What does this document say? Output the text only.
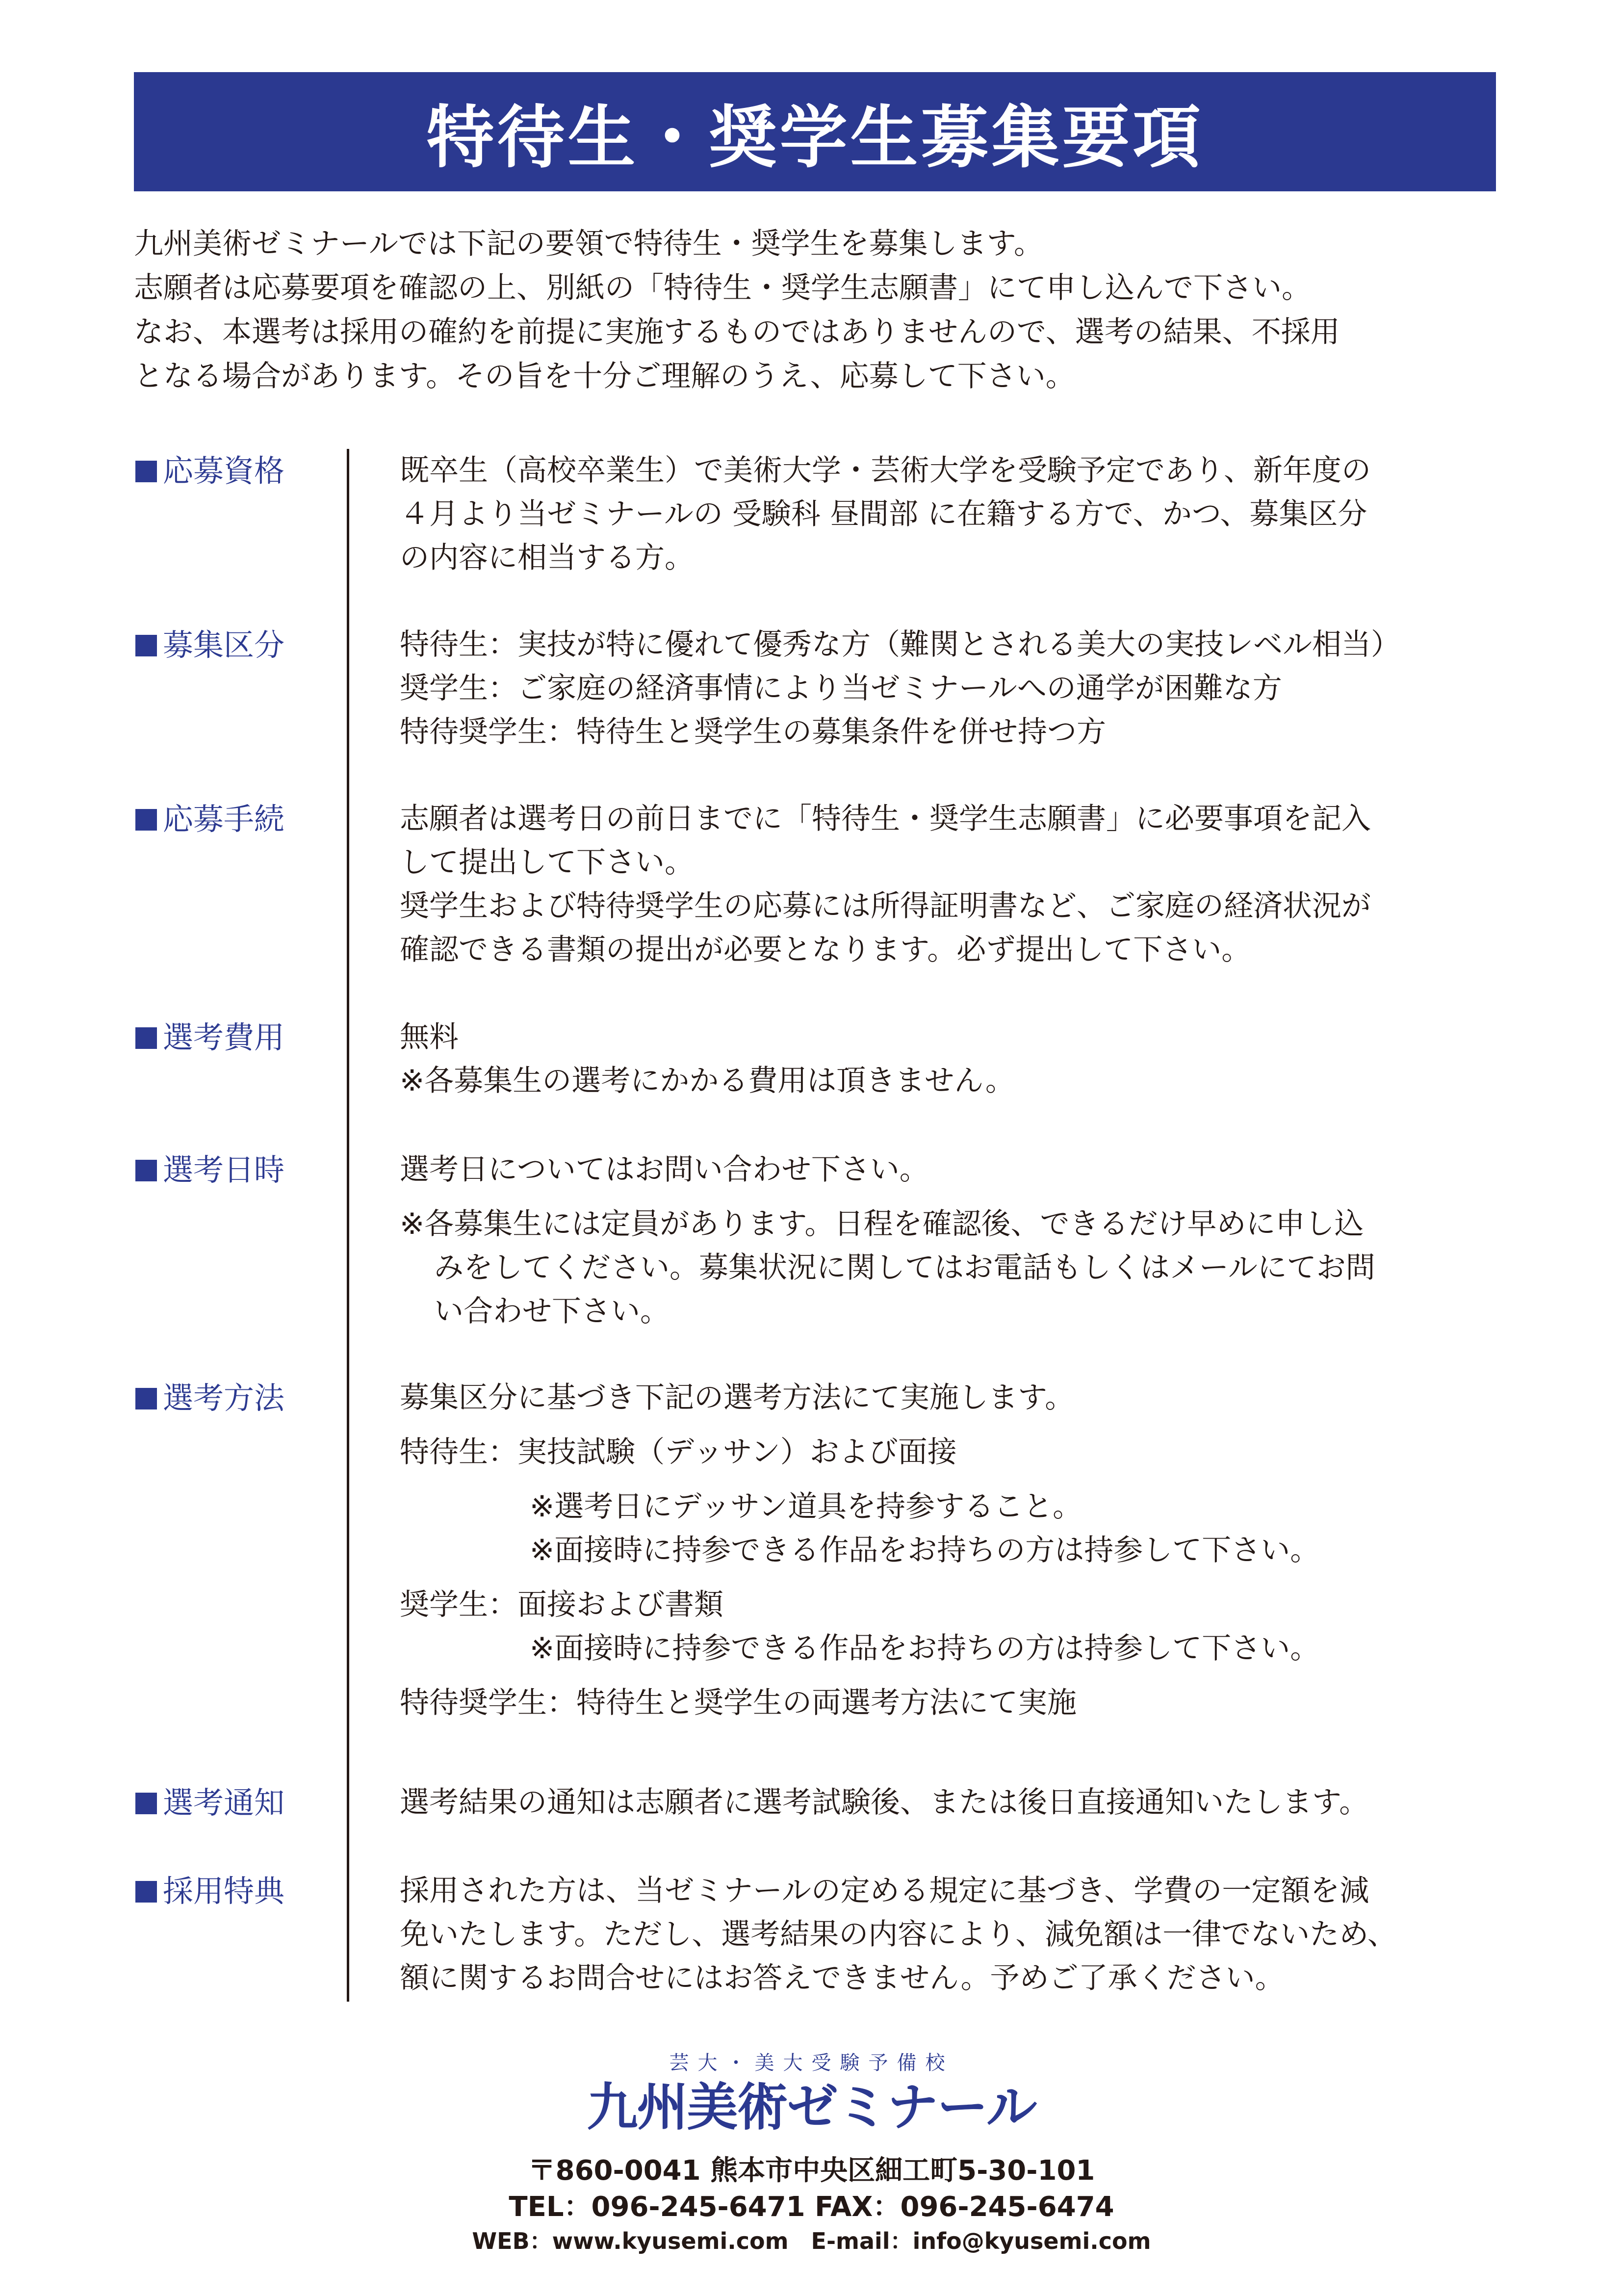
特待生・奨学生募集要項

九州美術ゼミナールでは下記の要領で特待生・奨学生を募集します。

志願者は応募要項を確認の上、別紙の「特待生・奨学生志願書」にて申し込んで下さい。

なお、本選考は採用の確約を前提に実施するものではありませんので、選考の結果、不採用

となる場合があります。その旨を十分ご理解のうえ、応募して下さい。

応募資格	既卒生（高校卒業生）で美術大学・芸術大学を受験予定であり、新年度の

４月より当ゼミナールの 受験科 昼間部 に在籍する方で、かつ、募集区分

の内容に相当する方。

募集区分	特待生：実技が特に優れて優秀な方（難関とされる美大の実技レベル相当）

奨学生：ご家庭の経済事情により当ゼミナールへの通学が困難な方

特待奨学生：特待生と奨学生の募集条件を併せ持つ方

応募手続	志願者は選考日の前日までに「特待生・奨学生志願書」に必要事項を記入

して提出して下さい。

奨学生および特待奨学生の応募には所得証明書など、ご家庭の経済状況が

確認できる書類の提出が必要となります。必ず提出して下さい。

選考費用	無料

※各募集生の選考にかかる費用は頂きません。

選考日時	選考日についてはお問い合わせ下さい。

※各募集生には定員があります。日程を確認後、できるだけ早めに申し込

みをしてください。募集状況に関してはお電話もしくはメールにてお問

い合わせ下さい。

選考方法	募集区分に基づき下記の選考方法にて実施します。

特待生：実技試験（デッサン）および面接

※選考日にデッサン道具を持参すること。

※面接時に持参できる作品をお持ちの方は持参して下さい。

奨学生：面接および書類

※面接時に持参できる作品をお持ちの方は持参して下さい。

特待奨学生：特待生と奨学生の両選考方法にて実施

選考通知	選考結果の通知は志願者に選考試験後、または後日直接通知いたします。

採用特典	採用された方は、当ゼミナールの定める規定に基づき、学費の一定額を減

免いたします。ただし、選考結果の内容により、減免額は一律でないため、

額に関するお問合せにはお答えできません。予めご了承ください。

芸大・美大受験予備校
九州美術ゼミナール
〒860-0041 熊本市中央区細工町5-30-101
TEL：096-245-6471 FAX：096-245-6474
WEB：www.kyusemi.com　E-mail：info@kyusemi.com
